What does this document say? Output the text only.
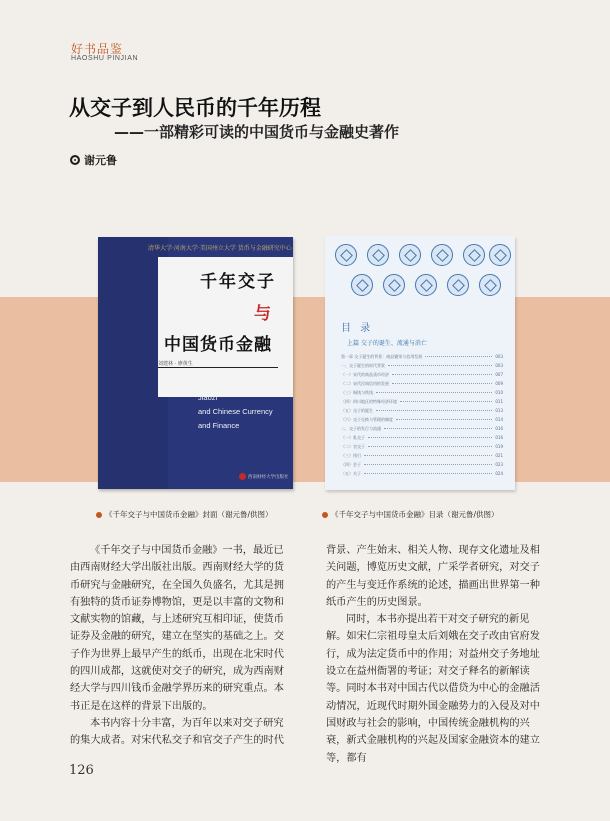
好书品鉴
HAOSHU PINJIAN
从交子到人民币的千年历程
——一部精彩可读的中国货币与金融史著作
谢元鲁
清华大学·河南大学·美国州立大学 货币与金融研究中心
千年交子
与
中国货币金融
刘建林 · 廖黄生
Millennium
Jiaozi
and Chinese Currency
and Finance
西南财经大学出版社
目 录
上篇 交子的诞生、流通与消亡
第一章 交子诞生的背景：商品繁荣与信用发展	003
一、交子诞生的时代背景	003
（一）宋代的商品货币经济	007
（二）宋代民间信用的发展	009
（三）铜钱与铁钱	010
（四）四川地区的特殊经济环境	011
（五）交子的诞生	013
（六）交子兑换与管理的制度	014
二、交子的发行与流通	016
（一）私交子	016
（二）官交子	019
（三）钱引	021
（四）会子	023
（五）关子	024
《千年交子与中国货币金融》封面（谢元鲁/供图）	《千年交子与中国货币金融》目录（谢元鲁/供图）

《千年交子与中国货币金融》一书，最近已由西南财经大学出版社出版。西南财经大学的货币研究与金融研究，在全国久负盛名，尤其是拥有独特的货币证券博物馆，更是以丰富的文物和文献实物的馆藏，与上述研究互相印证，使货币证券及金融的研究，建立在坚实的基础之上。交子作为世界上最早产生的纸币，出现在北宋时代的四川成都，这就使对交子的研究，成为西南财经大学与四川钱币金融学界历来的研究重点。本书正是在这样的背景下出版的。

本书内容十分丰富，为百年以来对交子研究的集大成者。对宋代私交子和官交子产生的时代

背景、产生始末、相关人物、现存文化遗址及相关问题，博览历史文献，广采学者研究，对交子的产生与变迁作系统的论述，描画出世界第一种纸币产生的历史图景。

同时，本书亦提出若干对交子研究的新见解。如宋仁宗祖母皇太后刘娥在交子改由官府发行，成为法定货币中的作用；对益州交子务地址设立在益州衙署的考证；对交子释名的新解读等。同时本书对中国古代以借贷为中心的金融活动情况，近现代时期外国金融势力的入侵及对中国财政与社会的影响，中国传统金融机构的兴衰，新式金融机构的兴起及国家金融资本的建立等，都有

126
